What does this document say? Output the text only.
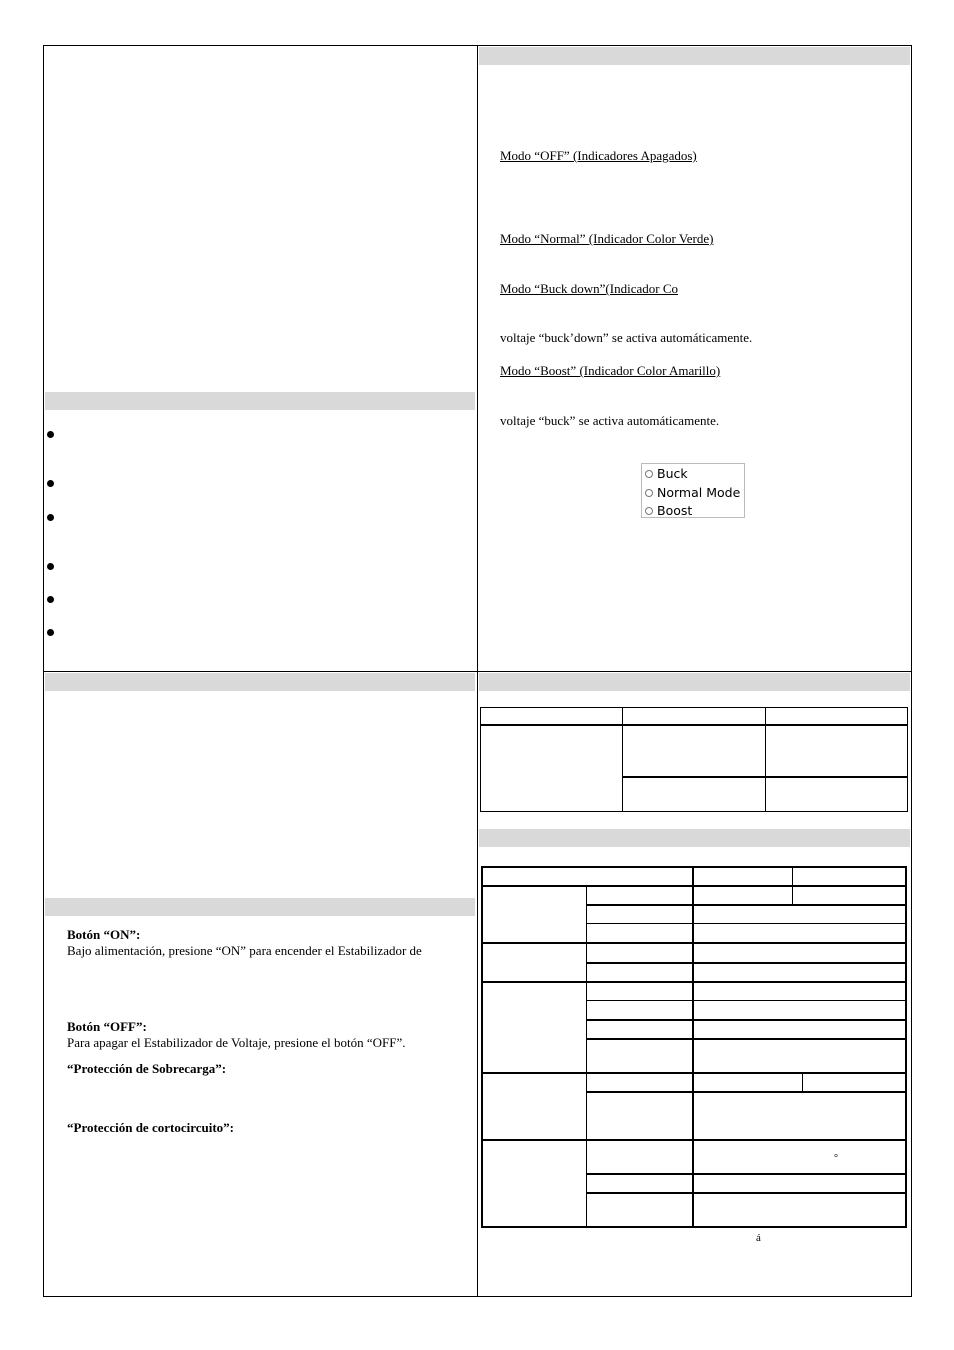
Modo “OFF” (Indicadores Apagados)
Modo “Normal” (Indicador Color Verde)
Modo “Buck down”(Indicador Co
voltaje “buck’down” se activa automáticamente.
Modo “Boost” (Indicador Color Amarillo)
voltaje “buck” se activa automáticamente.
Buck
Normal Mode
Boost
Botón “ON”:
Bajo alimentación, presione “ON” para encender el Estabilizador de
Botón “OFF”:
Para apagar el Estabilizador de Voltaje, presione el botón “OFF”.
“Protección de Sobrecarga”:
“Protección de cortocircuito”:
°
á
